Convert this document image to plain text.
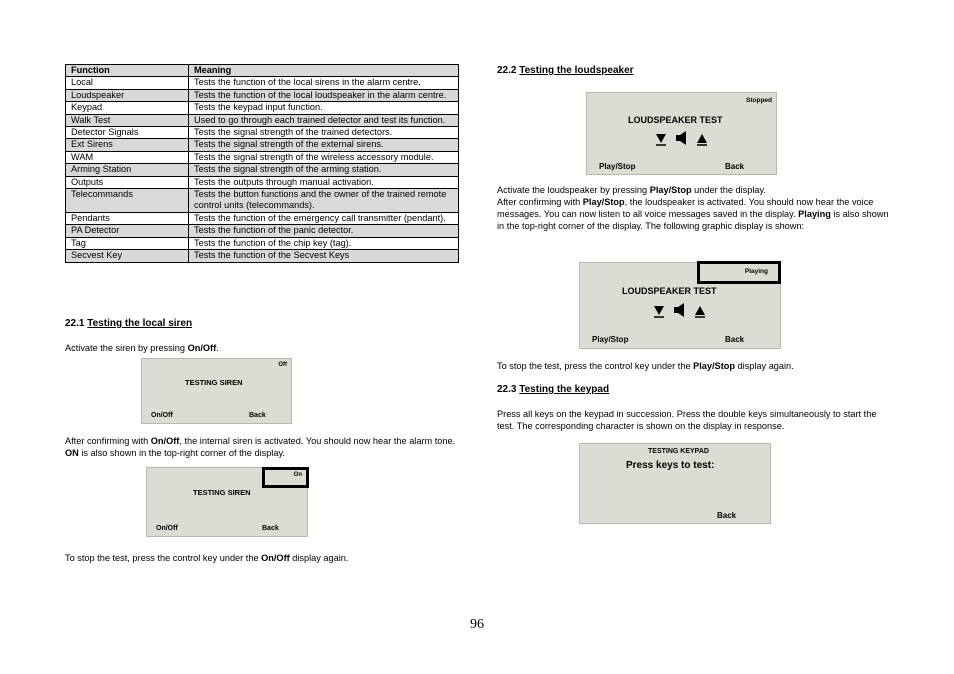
Function	Meaning
Local	Tests the function of the local sirens in the alarm centre.
Loudspeaker	Tests the function of the local loudspeaker in the alarm centre.
Keypad	Tests the keypad input function.
Walk Test	Used to go through each trained detector and test its function.
Detector Signals	Tests the signal strength of the trained detectors.
Ext Sirens	Tests the signal strength of the external sirens.
WAM	Tests the signal strength of the wireless accessory module.
Arming Station	Tests the signal strength of the arming station.
Outputs	Tests the outputs through manual activation.
Telecommands	Tests the button functions and the owner of the trained remote control units (telecommands).
Pendants	Tests the function of the emergency call transmitter (pendant).
PA Detector	Tests the function of the panic detector.
Tag	Tests the function of the chip key (tag).
Secvest Key	Tests the function of the Secvest Keys
22.1 Testing the local siren
Activate the siren by pressing On/Off.
Off
TESTING SIREN
On/Off	Back
After confirming with On/Off, the internal siren is activated. You should now hear the alarm tone. ON is also shown in the top-right corner of the display.
On
TESTING SIREN
On/Off	Back
To stop the test, press the control key under the On/Off display again.
22.2 Testing the loudspeaker
Stopped
LOUDSPEAKER TEST
Play/Stop	Back
Activate the loudspeaker by pressing Play/Stop under the display.
After confirming with Play/Stop, the loudspeaker is activated. You should now hear the voice messages. You can now listen to all voice messages saved in the display. Playing is also shown in the top-right corner of the display. The following graphic display is shown:
Playing
LOUDSPEAKER TEST
Play/Stop	Back
To stop the test, press the control key under the Play/Stop display again.
22.3 Testing the keypad
Press all keys on the keypad in succession. Press the double keys simultaneously to start the test. The corresponding character is shown on the display in response.
TESTING KEYPAD
Press keys to test:
Back
96
